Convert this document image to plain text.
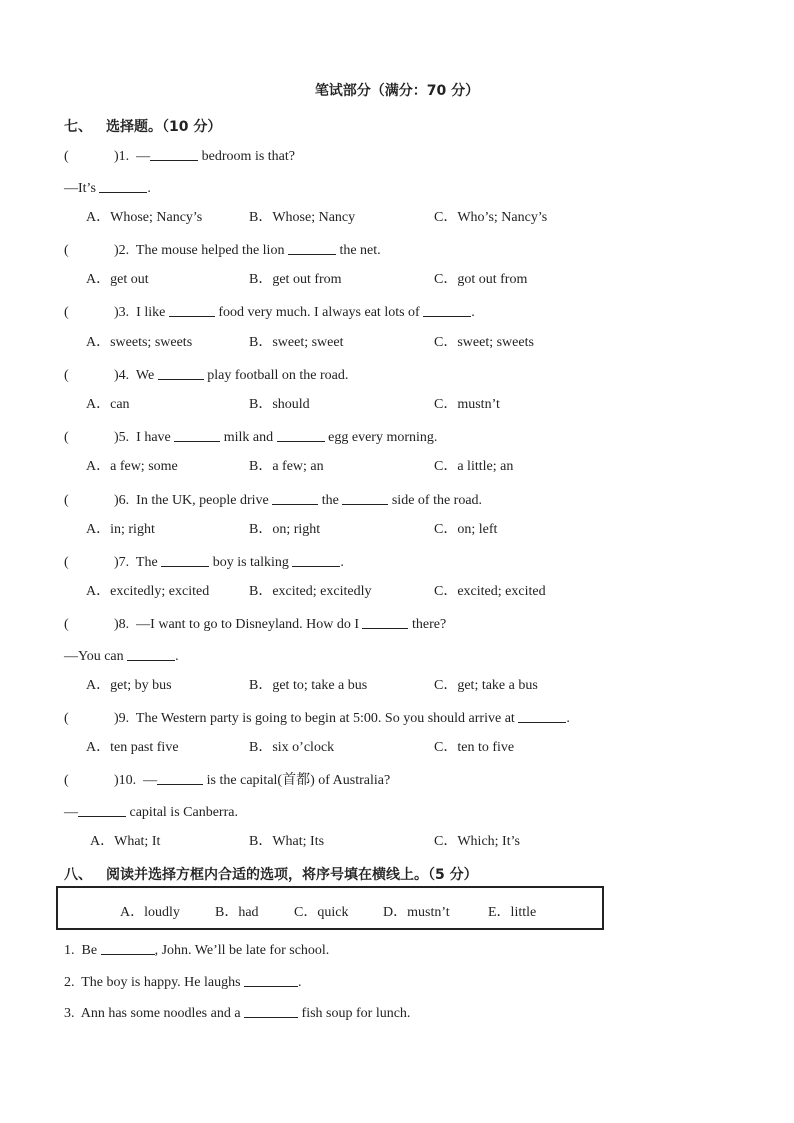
笔试部分（满分：70 分）
七、 选择题。（10 分）
(	)1. —	bedroom is that?
—It’s	.
A．Whose; Nancy’s	B．Whose; Nancy	C．Who’s; Nancy’s
(	)2. The mouse helped the lion	the net.
A．get out	B．get out from	C．got out from
(	)3. I like	food very much. I always eat lots of	.
A．sweets; sweets	B．sweet; sweet	C．sweet; sweets
(	)4. We	play football on the road.
A．can	B．should	C．mustn’t
(	)5. I have	milk and	egg every morning.
A．a few; some	B．a few; an	C．a little; an
(	)6. In the UK, people drive	the	side of the road.
A．in; right	B．on; right	C．on; left
(	)7. The	boy is talking	.
A．excitedly; excited	B．excited; excitedly	C．excited; excited
(	)8. —I want to go to Disneyland. How do I	there?
—You can	.
A．get; by bus	B．get to; take a bus	C．get; take a bus
(	)9. The Western party is going to begin at 5:00. So you should arrive at	.
A．ten past five	B．six o’clock	C．ten to five
(	)10. —	is the capital(首都) of Australia?
—	capital is Canberra.
A．What; It	B．What; Its	C．Which; It’s
八、 阅读并选择方框内合适的选项，将序号填在横线上。（5 分）
A．loudly	B．had	C．quick D．mustn’t	E．little
1. Be	, John. We’ll be late for school.
2. The boy is happy. He laughs	.
3. Ann has some noodles and a	fish soup for lunch.
